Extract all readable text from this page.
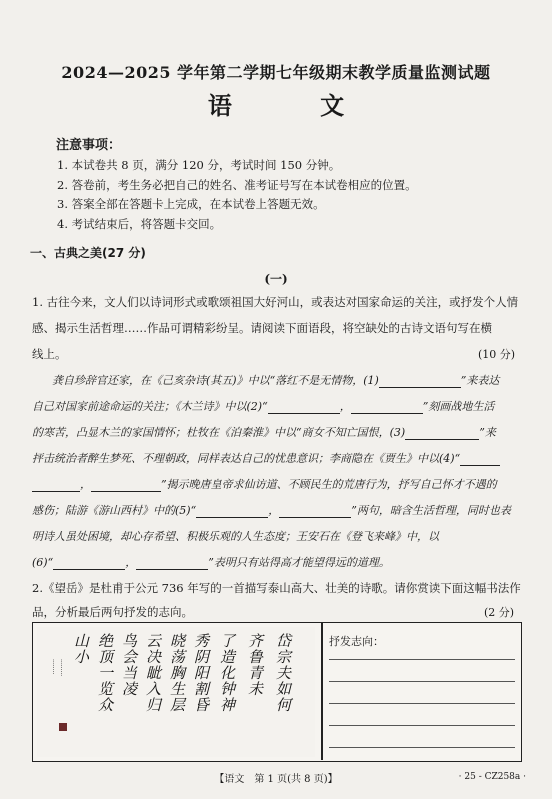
2024—2025 学年第二学期七年级期末教学质量监测试题
语 文
注意事项：
1. 本试卷共 8 页，满分 120 分，考试时间 150 分钟。
2. 答卷前，考生务必把自己的姓名、准考证号写在本试卷相应的位置。
3. 答案全部在答题卡上完成，在本试卷上答题无效。
4. 考试结束后，将答题卡交回。
一、古典之美(27 分)
(一)
1. 古往今来，文人们以诗词形式或歌颂祖国大好河山，或表达对国家命运的关注，或抒发个人情
感、揭示生活哲理……作品可谓精彩纷呈。请阅读下面语段，将空缺处的古诗文语句写在横
线上。	(10 分)
龚自珍辞官还家，在《己亥杂诗(其五)》中以“落红不是无情物，(1)	”来表达
自己对国家前途命运的关注；《木兰诗》中以(2)“	，	”刻画战地生活
的寒苦，凸显木兰的家国情怀；杜牧在《泊秦淮》中以“商女不知亡国恨，(3)	”来
抨击统治者醉生梦死、不理朝政，同样表达自己的忧患意识；李商隐在《贾生》中以(4)“
，	”揭示晚唐皇帝求仙访道、不顾民生的荒唐行为，抒写自己怀才不遇的
感伤；陆游《游山西村》中的(5)“	，	”两句，暗含生活哲理，同时也表
明诗人虽处困境，却心存希望、积极乐观的人生态度；王安石在《登飞来峰》中，以
(6)“	，	”表明只有站得高才能望得远的道理。
2.《望岳》是杜甫于公元 736 年写的一首描写泰山高大、壮美的诗歌。请你赏读下面这幅书法作
品，分析最后两句抒发的志向。	(2 分)
岱宗夫如何
齐鲁青未
了造化钟神
秀阴阳割昏
晓荡胸生层
云决眦入归
鸟会当凌
绝顶一览众
山小
·········
········
抒发志向：
【语文　第 1 页(共 8 页)】	· 25 - CZ258a ·
